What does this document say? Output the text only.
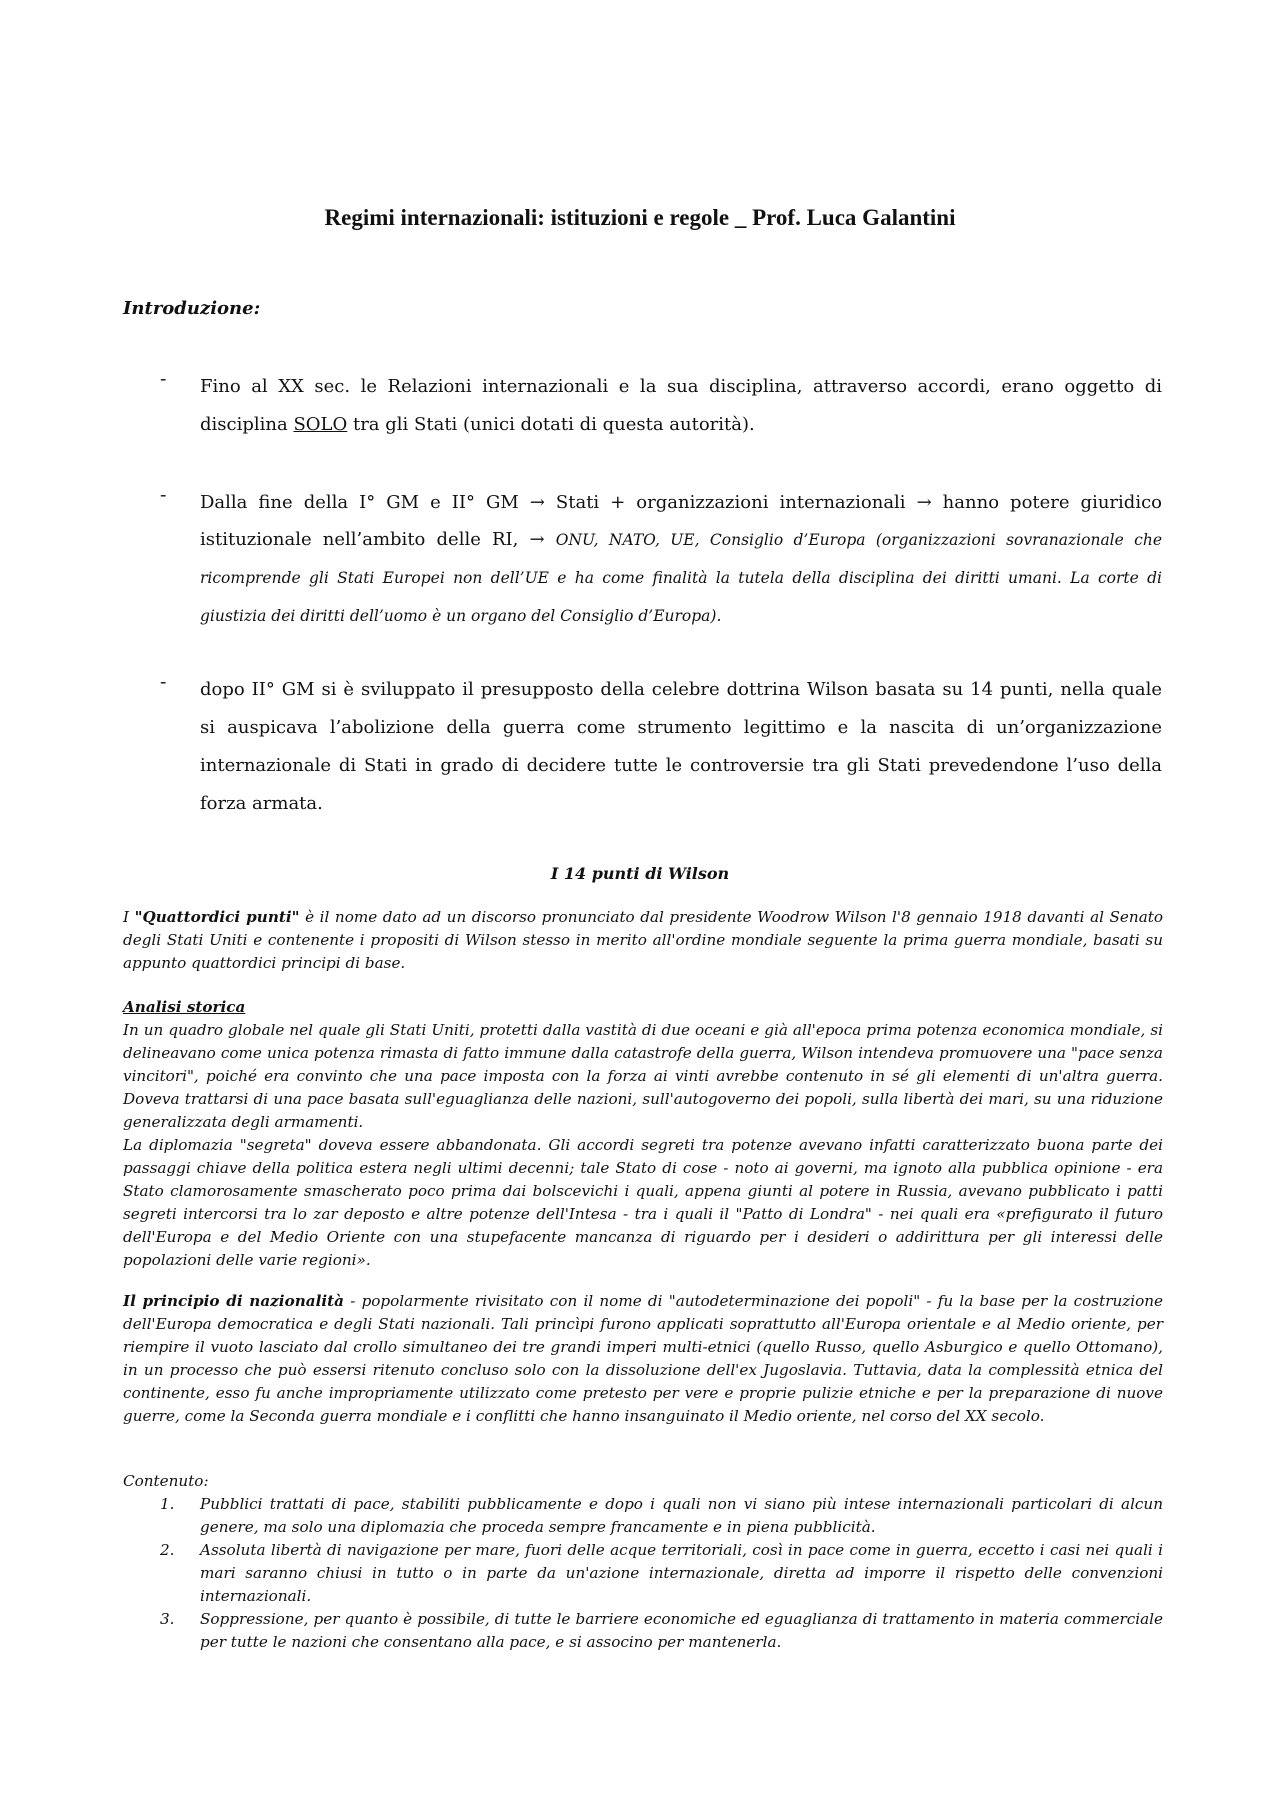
Regimi internazionali: istituzioni e regole _ Prof. Luca Galantini
Introduzione:
- Fino al XX sec. le Relazioni internazionali e la sua disciplina, attraverso accordi, erano oggetto di disciplina SOLO tra gli Stati (unici dotati di questa autorità).
- Dalla fine della I° GM e II° GM → Stati + organizzazioni internazionali → hanno potere giuridico istituzionale nell’ambito delle RI, → ONU, NATO, UE, Consiglio d’Europa (organizzazioni sovranazionale che ricomprende gli Stati Europei non dell’UE e ha come finalità la tutela della disciplina dei diritti umani. La corte di giustizia dei diritti dell’uomo è un organo del Consiglio d’Europa).
- dopo II° GM si è sviluppato il presupposto della celebre dottrina Wilson basata su 14 punti, nella quale si auspicava l’abolizione della guerra come strumento legittimo e la nascita di un’organizzazione internazionale di Stati in grado di decidere tutte le controversie tra gli Stati prevedendone l’uso della forza armata.
I 14 punti di Wilson
I "Quattordici punti" è il nome dato ad un discorso pronunciato dal presidente Woodrow Wilson l'8 gennaio 1918 davanti al Senato degli Stati Uniti e contenente i propositi di Wilson stesso in merito all'ordine mondiale seguente la prima guerra mondiale, basati su appunto quattordici principi di base.
Analisi storica
In un quadro globale nel quale gli Stati Uniti, protetti dalla vastità di due oceani e già all'epoca prima potenza economica mondiale, si delineavano come unica potenza rimasta di fatto immune dalla catastrofe della guerra, Wilson intendeva promuovere una "pace senza vincitori", poiché era convinto che una pace imposta con la forza ai vinti avrebbe contenuto in sé gli elementi di un'altra guerra. Doveva trattarsi di una pace basata sull'eguaglianza delle nazioni, sull'autogoverno dei popoli, sulla libertà dei mari, su una riduzione generalizzata degli armamenti.
La diplomazia "segreta" doveva essere abbandonata. Gli accordi segreti tra potenze avevano infatti caratterizzato buona parte dei passaggi chiave della politica estera negli ultimi decenni; tale Stato di cose - noto ai governi, ma ignoto alla pubblica opinione - era Stato clamorosamente smascherato poco prima dai bolscevichi i quali, appena giunti al potere in Russia, avevano pubblicato i patti segreti intercorsi tra lo zar deposto e altre potenze dell'Intesa - tra i quali il "Patto di Londra" - nei quali era «prefigurato il futuro dell'Europa e del Medio Oriente con una stupefacente mancanza di riguardo per i desideri o addirittura per gli interessi delle popolazioni delle varie regioni».
Il principio di nazionalità - popolarmente rivisitato con il nome di "autodeterminazione dei popoli" - fu la base per la costruzione dell'Europa democratica e degli Stati nazionali. Tali princìpi furono applicati soprattutto all'Europa orientale e al Medio oriente, per riempire il vuoto lasciato dal crollo simultaneo dei tre grandi imperi multi-etnici (quello Russo, quello Asburgico e quello Ottomano), in un processo che può essersi ritenuto concluso solo con la dissoluzione dell'ex Jugoslavia. Tuttavia, data la complessità etnica del continente, esso fu anche impropriamente utilizzato come pretesto per vere e proprie pulizie etniche e per la preparazione di nuove guerre, come la Seconda guerra mondiale e i conflitti che hanno insanguinato il Medio oriente, nel corso del XX secolo.
Contenuto:
1. Pubblici trattati di pace, stabiliti pubblicamente e dopo i quali non vi siano più intese internazionali particolari di alcun genere, ma solo una diplomazia che proceda sempre francamente e in piena pubblicità.
2. Assoluta libertà di navigazione per mare, fuori delle acque territoriali, così in pace come in guerra, eccetto i casi nei quali i mari saranno chiusi in tutto o in parte da un'azione internazionale, diretta ad imporre il rispetto delle convenzioni internazionali.
3. Soppressione, per quanto è possibile, di tutte le barriere economiche ed eguaglianza di trattamento in materia commerciale per tutte le nazioni che consentano alla pace, e si associno per mantenerla.
